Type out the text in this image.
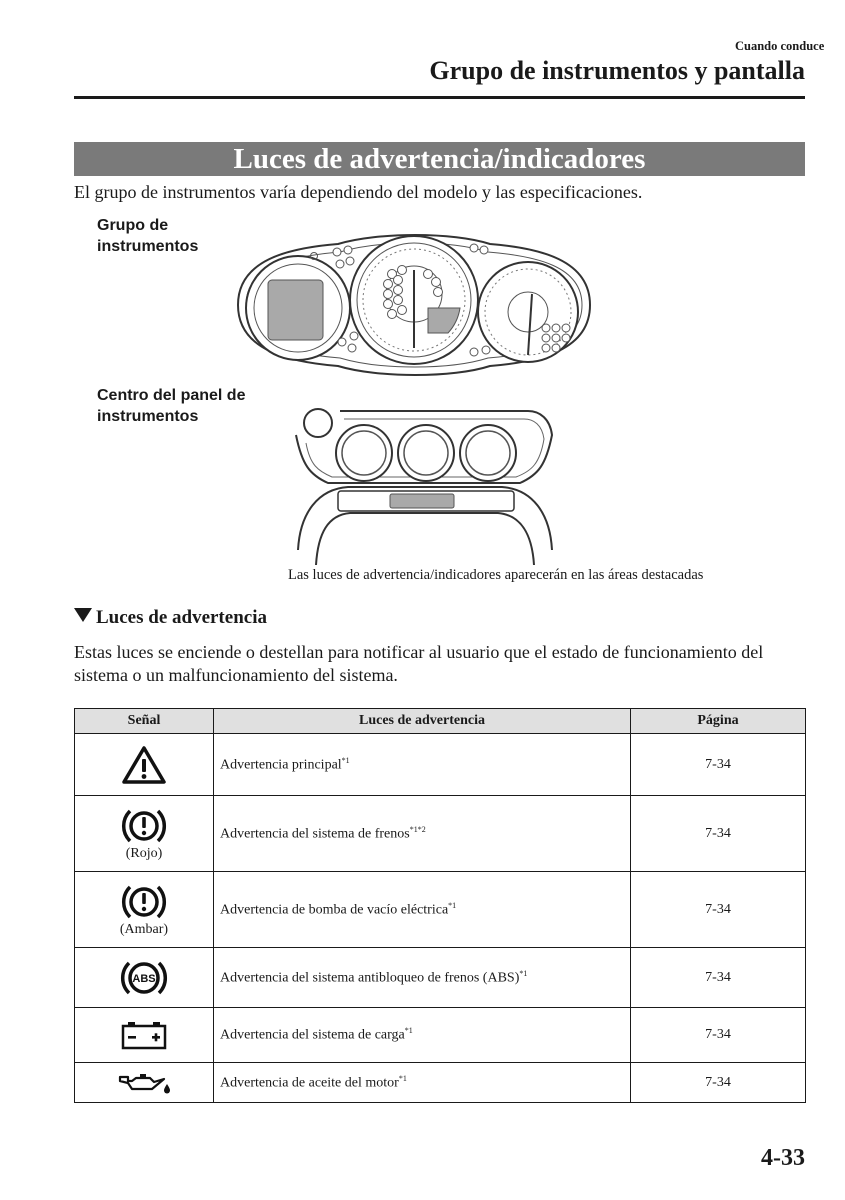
Cuando conduce
Grupo de instrumentos y pantalla
Luces de advertencia/indicadores
El grupo de instrumentos varía dependiendo del modelo y las especificaciones.
Grupo de
instrumentos
Centro del panel de
instrumentos
Las luces de advertencia/indicadores aparecerán en las áreas destacadas
Luces de advertencia
Estas luces se enciende o destellan para notificar al usuario que el estado de funcionamiento del sistema o un malfuncionamiento del sistema.
Señal	Luces de advertencia	Página

	Advertencia principal$^{*1}$	7-34

(Rojo)	Advertencia del sistema de frenos$^{*1*2}$	7-34

(Ambar)	Advertencia de bomba de vacío eléctrica$^{*1}$	7-34

ABS	Advertencia del sistema antibloqueo de frenos (ABS)$^{*1}$	7-34

	Advertencia del sistema de carga$^{*1}$	7-34

	Advertencia de aceite del motor$^{*1}$	7-34
4-33
